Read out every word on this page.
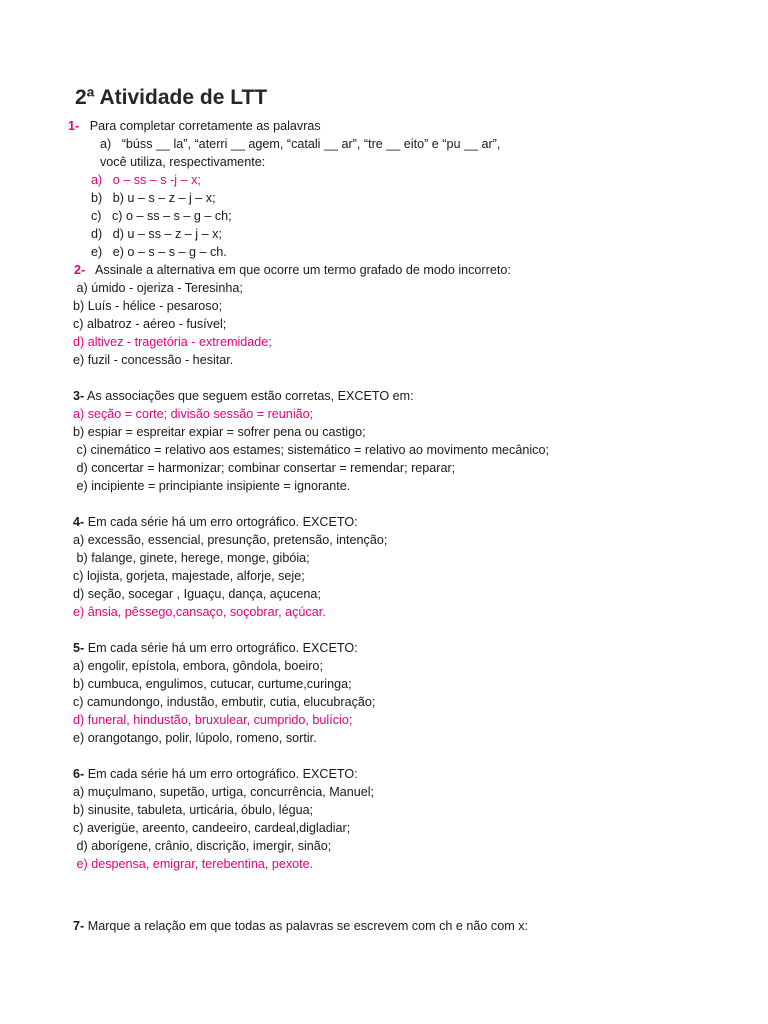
2ª Atividade de LTT
1- Para completar corretamente as palavras
a)   “búss __ la”, “aterri __ agem, “catali __ ar”, “tre __ eito” e “pu __ ar”,
você utiliza, respectivamente:
a)   o – ss – s -j – x;
b)   b) u – s – z – j – x;
c)   c) o – ss – s – g – ch;
d)   d) u – ss – z – j – x;
e)   e) o – s – s – g – ch.
2- Assinale a alternativa em que ocorre um termo grafado de modo incorreto:
a) úmido - ojeriza - Teresinha;
b) Luís - hélice - pesaroso;
c) albatroz - aéreo - fusível;
d) altivez - tragetória - extremidade;
e) fuzil - concessão - hesitar.
3- As associações que seguem estão corretas, EXCETO em:
a) seção = corte; divisão sessão = reunião;
b) espiar = espreitar expiar = sofrer pena ou castigo;
c) cinemático = relativo aos estames; sistemático = relativo ao movimento mecânico;
d) concertar = harmonizar; combinar consertar = remendar; reparar;
e) incipiente = principiante insipiente = ignorante.
4- Em cada série há um erro ortográfico. EXCETO:
a) excessão, essencial, presunção, pretensão, intenção;
b) falange, ginete, herege, monge, gibóia;
c) lojista, gorjeta, majestade, alforje, seje;
d) seção, socegar , Iguaçu, dança, açucena;
e) ânsia, pêssego,cansaço, soçobrar, açúcar.
5- Em cada série há um erro ortográfico. EXCETO:
a) engolir, epístola, embora, gôndola, boeiro;
b) cumbuca, engulimos, cutucar, curtume,curinga;
c) camundongo, industão, embutir, cutia, elucubração;
d) funeral, hindustão, bruxulear, cumprido, bulício;
e) orangotango, polir, lúpolo, romeno, sortir.
6- Em cada série há um erro ortográfico. EXCETO:
a) muçulmano, supetão, urtiga, concurrência, Manuel;
b) sinusite, tabuleta, urticária, óbulo, légua;
c) averigüe, areento, candeeiro, cardeal,digladiar;
d) aborígene, crânio, discrição, imergir, sinão;
e) despensa, emigrar, terebentina, pexote.
7- Marque a relação em que todas as palavras se escrevem com ch e não com x:
